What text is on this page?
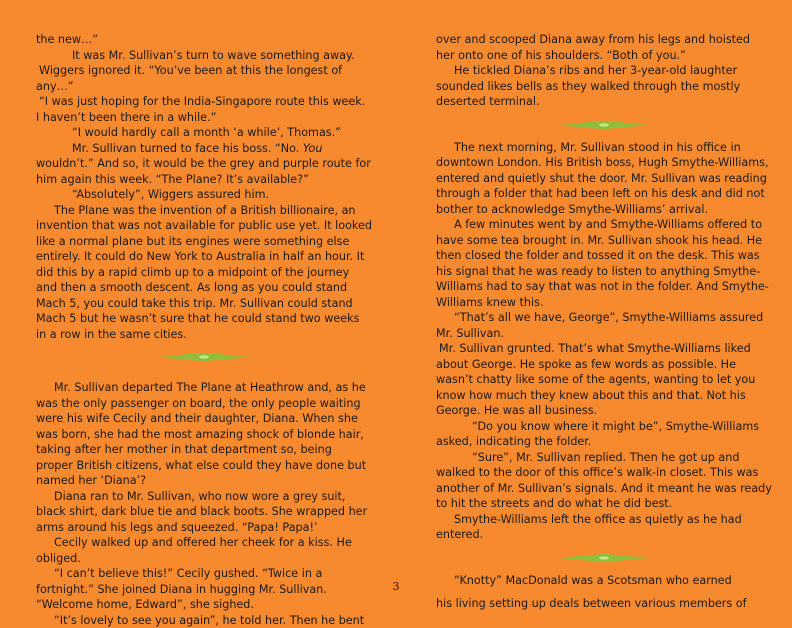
the new…”

It was Mr. Sullivan’s turn to wave something away.

Wiggers ignored it. “You’ve been at this the longest of any…”

“I was just hoping for the India-Singapore route this week. I haven’t been there in a while.”

“I would hardly call a month ‘a while’, Thomas.”

Mr. Sullivan turned to face his boss. “No. You wouldn’t.” And so, it would be the grey and purple route for him again this week. “The Plane? It’s available?”

“Absolutely”, Wiggers assured him.

The Plane was the invention of a British billionaire, an invention that was not available for public use yet. It looked like a normal plane but its engines were something else entirely. It could do New York to Australia in half an hour. It did this by a rapid climb up to a midpoint of the journey and then a smooth descent. As long as you could stand Mach 5, you could take this trip. Mr. Sullivan could stand Mach 5 but he wasn’t sure that he could stand two weeks in a row in the same cities.

Mr. Sullivan departed The Plane at Heathrow and, as he was the only passenger on board, the only people waiting were his wife Cecily and their daughter, Diana. When she was born, she had the most amazing shock of blonde hair, taking after her mother in that department so, being proper British citizens, what else could they have done but named her ‘Diana’?

Diana ran to Mr. Sullivan, who now wore a grey suit, black shirt, dark blue tie and black boots. She wrapped her arms around his legs and squeezed. “Papa! Papa!’

Cecily walked up and offered her cheek for a kiss. He obliged.

“I can’t believe this!” Cecily gushed. “Twice in a fortnight.” She joined Diana in hugging Mr. Sullivan. “Welcome home, Edward”, she sighed.

“It’s lovely to see you again”, he told her. Then he bent

over and scooped Diana away from his legs and hoisted her onto one of his shoulders. “Both of you.”

He tickled Diana’s ribs and her 3-year-old laughter sounded likes bells as they walked through the mostly deserted terminal.

The next morning, Mr. Sullivan stood in his office in downtown London. His British boss, Hugh Smythe-Williams, entered and quietly shut the door. Mr. Sullivan was reading through a folder that had been left on his desk and did not bother to acknowledge Smythe-Williams’ arrival.

A few minutes went by and Smythe-Williams offered to have some tea brought in. Mr. Sullivan shook his head. He then closed the folder and tossed it on the desk. This was his signal that he was ready to listen to anything Smythe-Williams had to say that was not in the folder. And Smythe-Williams knew this.

“That’s all we have, George”, Smythe-Williams assured Mr. Sullivan.

Mr. Sullivan grunted. That’s what Smythe-Williams liked about George. He spoke as few words as possible. He wasn’t chatty like some of the agents, wanting to let you know how much they knew about this and that. Not his George. He was all business.

“Do you know where it might be”, Smythe-Williams asked, indicating the folder.

“Sure”, Mr. Sullivan replied. Then he got up and walked to the door of this office’s walk-in closet. This was another of Mr. Sullivan’s signals. And it meant he was ready to hit the streets and do what he did best.

Smythe-Williams left the office as quietly as he had entered.

“Knotty” MacDonald was a Scotsman who earned

his living setting up deals between various members of

3
